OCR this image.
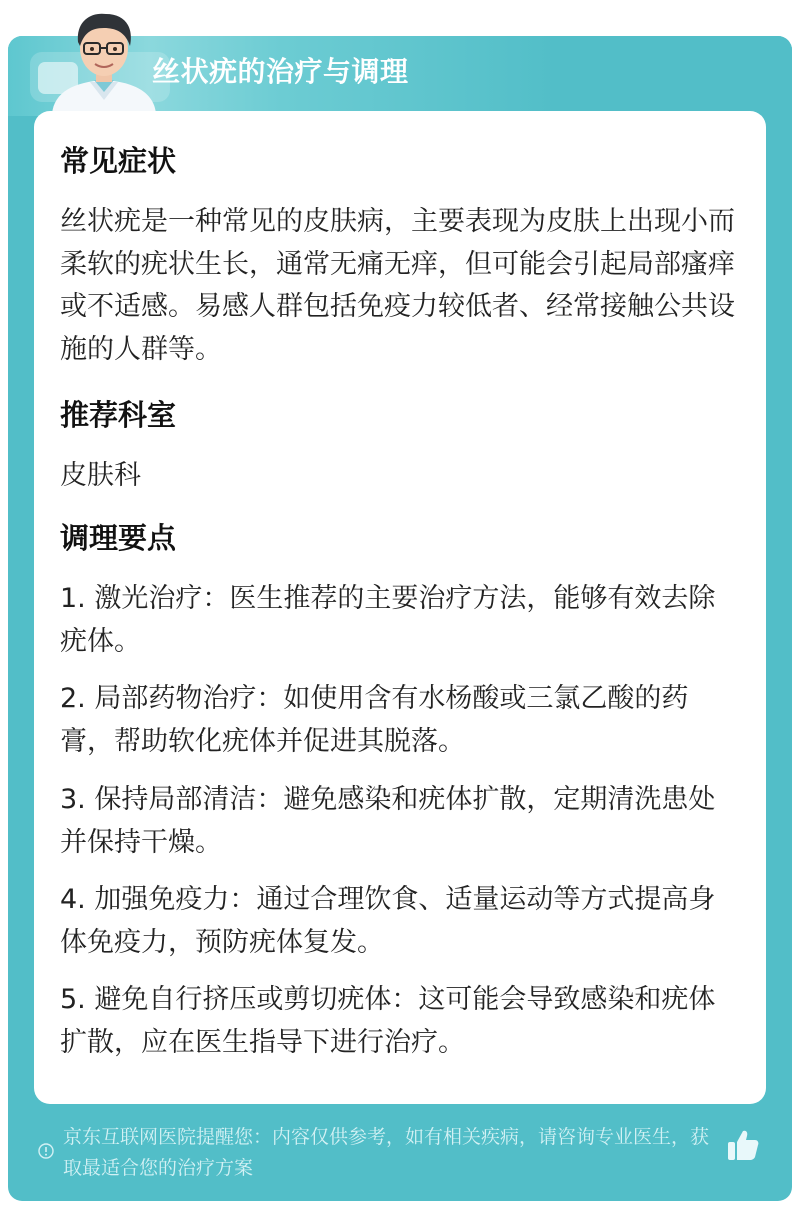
丝状疣的治疗与调理
常见症状
丝状疣是一种常见的皮肤病，主要表现为皮肤上出现小而柔软的疣状生长，通常无痛无痒，但可能会引起局部瘙痒或不适感。易感人群包括免疫力较低者、经常接触公共设施的人群等。
推荐科室
皮肤科
调理要点
1. 激光治疗：医生推荐的主要治疗方法，能够有效去除疣体。
2. 局部药物治疗：如使用含有水杨酸或三氯乙酸的药膏，帮助软化疣体并促进其脱落。
3. 保持局部清洁：避免感染和疣体扩散，定期清洗患处并保持干燥。
4. 加强免疫力：通过合理饮食、适量运动等方式提高身体免疫力，预防疣体复发。
5. 避免自行挤压或剪切疣体：这可能会导致感染和疣体扩散，应在医生指导下进行治疗。
京东互联网医院提醒您：内容仅供参考，如有相关疾病，请咨询专业医生，获取最适合您的治疗方案
